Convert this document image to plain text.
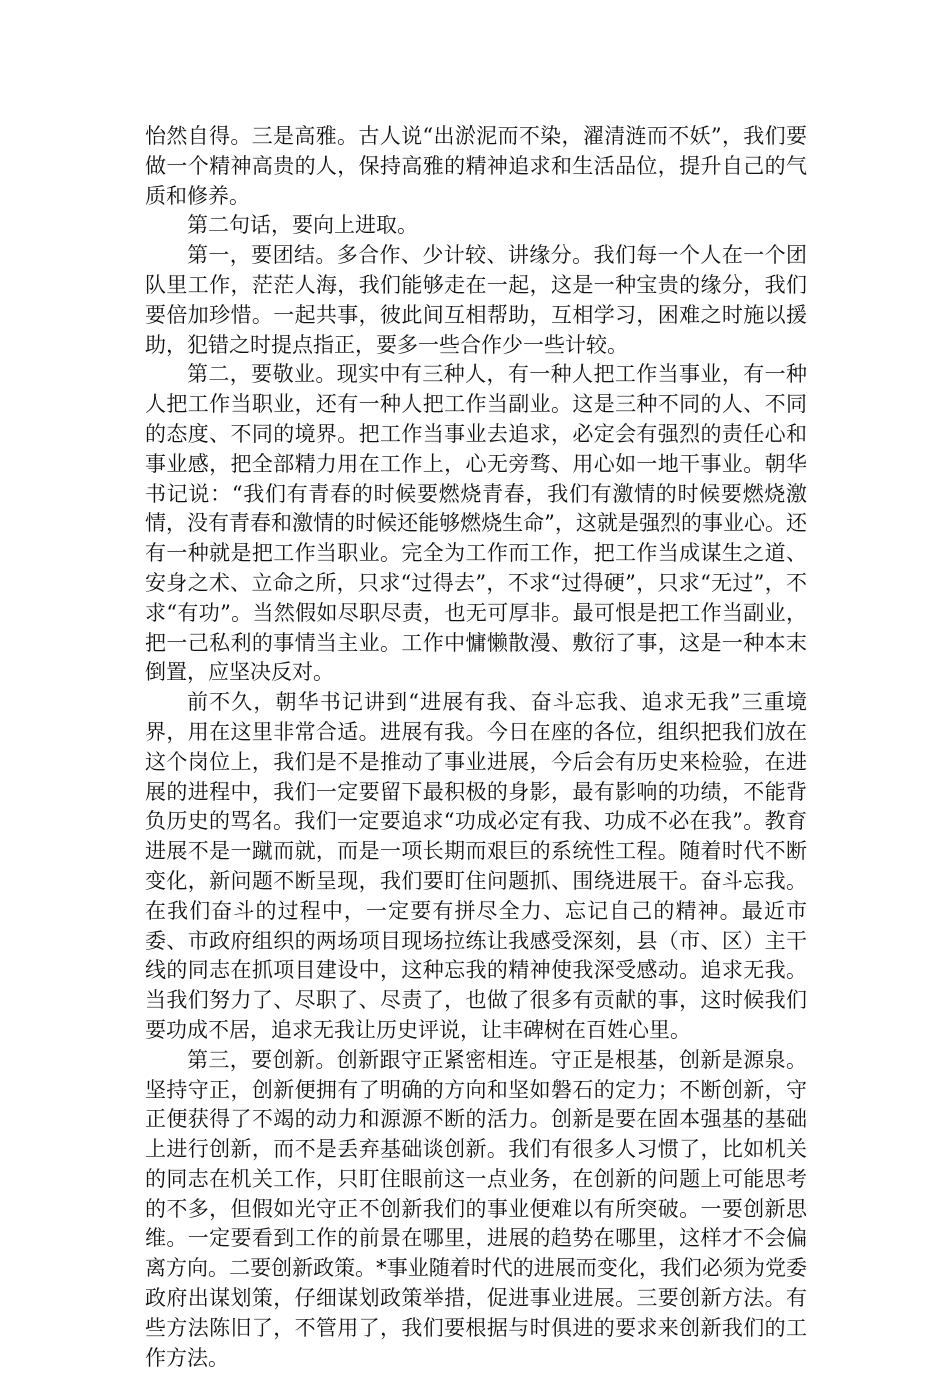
怡然自得。三是高雅。古人说“出淤泥而不染，濯清涟而不妖”，我们要做一个精神高贵的人，保持高雅的精神追求和生活品位，提升自己的气质和修养。

第二句话，要向上进取。

第一，要团结。多合作、少计较、讲缘分。我们每一个人在一个团队里工作，茫茫人海，我们能够走在一起，这是一种宝贵的缘分，我们要倍加珍惜。一起共事，彼此间互相帮助，互相学习，困难之时施以援助，犯错之时提点指正，要多一些合作少一些计较。

第二，要敬业。现实中有三种人，有一种人把工作当事业，有一种人把工作当职业，还有一种人把工作当副业。这是三种不同的人、不同的态度、不同的境界。把工作当事业去追求，必定会有强烈的责任心和事业感，把全部精力用在工作上，心无旁骛、用心如一地干事业。朝华书记说：“我们有青春的时候要燃烧青春，我们有激情的时候要燃烧激情，没有青春和激情的时候还能够燃烧生命”，这就是强烈的事业心。还有一种就是把工作当职业。完全为工作而工作，把工作当成谋生之道、安身之术、立命之所，只求“过得去”，不求“过得硬”，只求“无过”，不求“有功”。当然假如尽职尽责，也无可厚非。最可恨是把工作当副业，把一己私利的事情当主业。工作中慵懒散漫、敷衍了事，这是一种本末倒置，应坚决反对。

前不久，朝华书记讲到“进展有我、奋斗忘我、追求无我”三重境界，用在这里非常合适。进展有我。今日在座的各位，组织把我们放在这个岗位上，我们是不是推动了事业进展，今后会有历史来检验，在进展的进程中，我们一定要留下最积极的身影，最有影响的功绩，不能背负历史的骂名。我们一定要追求“功成必定有我、功成不必在我”。教育进展不是一蹴而就，而是一项长期而艰巨的系统性工程。随着时代不断变化，新问题不断呈现，我们要盯住问题抓、围绕进展干。奋斗忘我。在我们奋斗的过程中，一定要有拼尽全力、忘记自己的精神。最近市委、市政府组织的两场项目现场拉练让我感受深刻，县（市、区）主干线的同志在抓项目建设中，这种忘我的精神使我深受感动。追求无我。当我们努力了、尽职了、尽责了，也做了很多有贡献的事，这时候我们要功成不居，追求无我让历史评说，让丰碑树在百姓心里。

第三，要创新。创新跟守正紧密相连。守正是根基，创新是源泉。坚持守正，创新便拥有了明确的方向和坚如磐石的定力；不断创新，守正便获得了不竭的动力和源源不断的活力。创新是要在固本强基的基础上进行创新，而不是丢弃基础谈创新。我们有很多人习惯了，比如机关的同志在机关工作，只盯住眼前这一点业务，在创新的问题上可能思考的不多，但假如光守正不创新我们的事业便难以有所突破。一要创新思维。一定要看到工作的前景在哪里，进展的趋势在哪里，这样才不会偏离方向。二要创新政策。*事业随着时代的进展而变化，我们必须为党委政府出谋划策，仔细谋划政策举措，促进事业进展。三要创新方法。有些方法陈旧了，不管用了，我们要根据与时俱进的要求来创新我们的工作方法。
